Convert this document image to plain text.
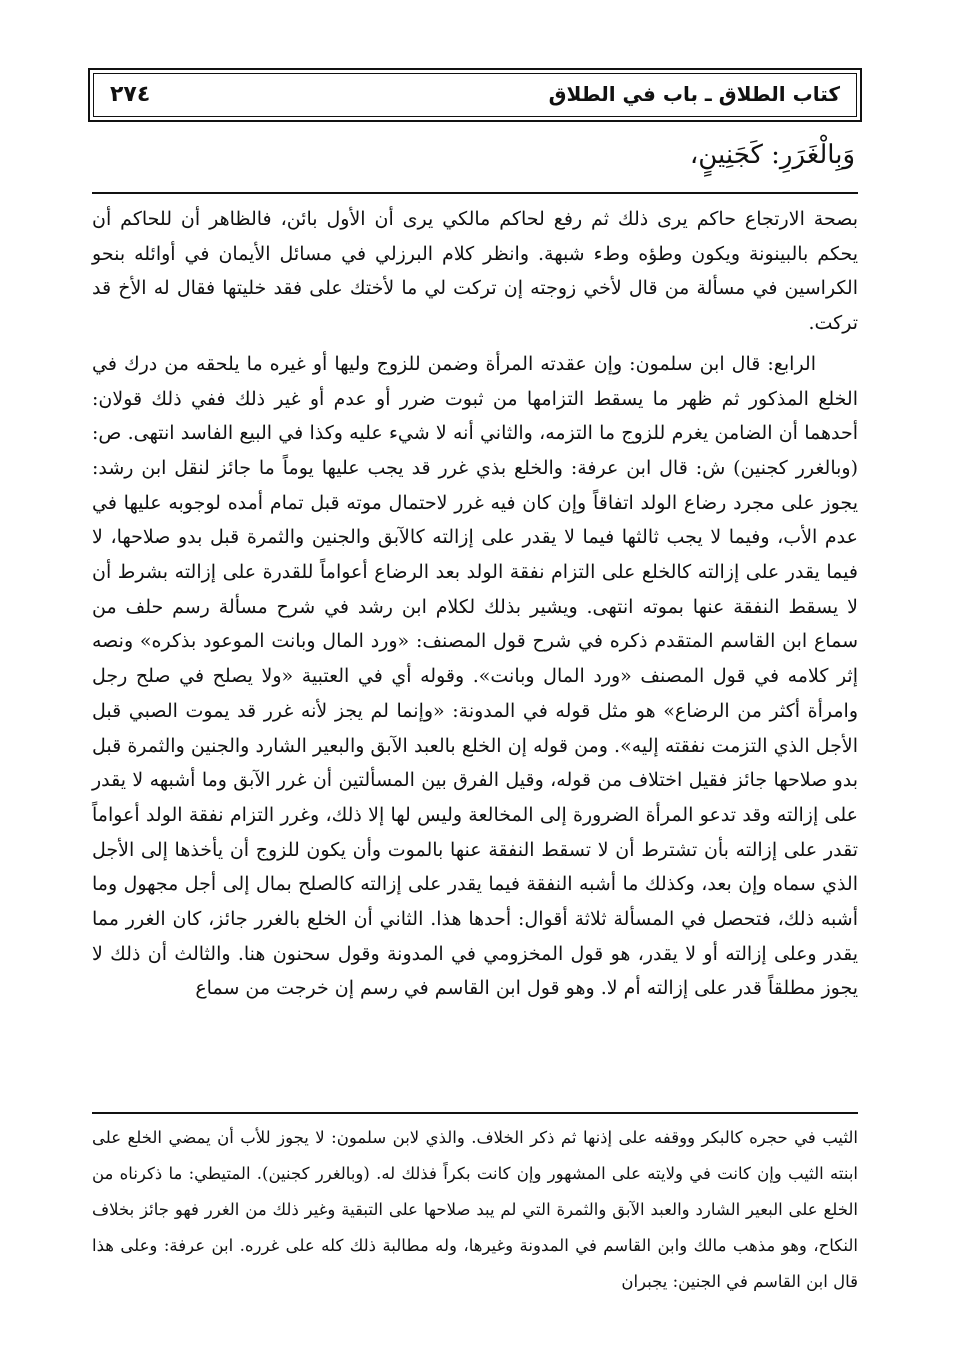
٢٧٤	كتاب الطلاق ـ باب في الطلاق
وَبِالْغَرَرِ: كَجَنِينٍ،

بصحة الارتجاع حاكم يرى ذلك ثم رفع لحاكم مالكي يرى أن الأول بائن، فالظاهر أن للحاكم أن يحكم بالبينونة ويكون وطؤه وطء شبهة. وانظر كلام البرزلي في مسائل الأيمان في أوائله بنحو الكراسين في مسألة من قال لأخي زوجته إن تركت لي ما لأختك على فقد خليتها فقال له الأخ قد تركت.

الرابع: قال ابن سلمون: وإن عقدته المرأة وضمن للزوج وليها أو غيره ما يلحقه من درك في الخلع المذكور ثم ظهر ما يسقط التزامها من ثبوت ضرر أو عدم أو غير ذلك ففي ذلك قولان: أحدهما أن الضامن يغرم للزوج ما التزمه، والثاني أنه لا شيء عليه وكذا في البيع الفاسد انتهى. ص: (وبالغرر كجنين) ش: قال ابن عرفة: والخلع بذي غرر قد يجب عليها يوماً ما جائز لنقل ابن رشد: يجوز على مجرد رضاع الولد اتفاقاً وإن كان فيه غرر لاحتمال موته قبل تمام أمده لوجوبه عليها في عدم الأب، وفيما لا يجب ثالثها فيما لا يقدر على إزالته كالآبق والجنين والثمرة قبل بدو صلاحها، لا فيما يقدر على إزالته كالخلع على التزام نفقة الولد بعد الرضاع أعواماً للقدرة على إزالته بشرط أن لا يسقط النفقة عنها بموته انتهى. ويشير بذلك لكلام ابن رشد في شرح مسألة رسم حلف من سماع ابن القاسم المتقدم ذكره في شرح قول المصنف: «ورد المال وبانت الموعود بذكره» ونصه إثر كلامه في قول المصنف «ورد المال وبانت». وقوله أي في العتبية «ولا يصلح في صلح رجل وامرأة أكثر من الرضاع» هو مثل قوله في المدونة: «وإنما لم يجز لأنه غرر قد يموت الصبي قبل الأجل الذي التزمت نفقته إليه». ومن قوله إن الخلع بالعبد الآبق والبعير الشارد والجنين والثمرة قبل بدو صلاحها جائز فقيل اختلاف من قوله، وقيل الفرق بين المسألتين أن غرر الآبق وما أشبهه لا يقدر على إزالته وقد تدعو المرأة الضرورة إلى المخالعة وليس لها إلا ذلك، وغرر التزام نفقة الولد أعواماً تقدر على إزالته بأن تشترط أن لا تسقط النفقة عنها بالموت وأن يكون للزوج أن يأخذها إلى الأجل الذي سماه وإن بعد، وكذلك ما أشبه النفقة فيما يقدر على إزالته كالصلح بمال إلى أجل مجهول وما أشبه ذلك، فتحصل في المسألة ثلاثة أقوال: أحدها هذا. الثاني أن الخلع بالغرر جائز، كان الغرر مما يقدر وعلى إزالته أو لا يقدر، هو قول المخزومي في المدونة وقول سحنون هنا. والثالث أن ذلك لا يجوز مطلقاً قدر على إزالته أم لا. وهو قول ابن القاسم في رسم إن خرجت من سماع

الثيب في حجره كالبكر ووقفه على إذنها ثم ذكر الخلاف. والذي لابن سلمون: لا يجوز للأب أن يمضي الخلع على ابنته الثيب وإن كانت في ولايته على المشهور وإن كانت بكراً فذلك له. (وبالغرر كجنين). المتيطي: ما ذكرناه من الخلع على البعير الشارد والعبد الآبق والثمرة التي لم يبد صلاحها على التبقية وغير ذلك من الغرر فهو جائز بخلاف النكاح، وهو مذهب مالك وابن القاسم في المدونة وغيرها، وله مطالبة ذلك كله على غرره. ابن عرفة: وعلى هذا قال ابن القاسم في الجنين: يجبران
